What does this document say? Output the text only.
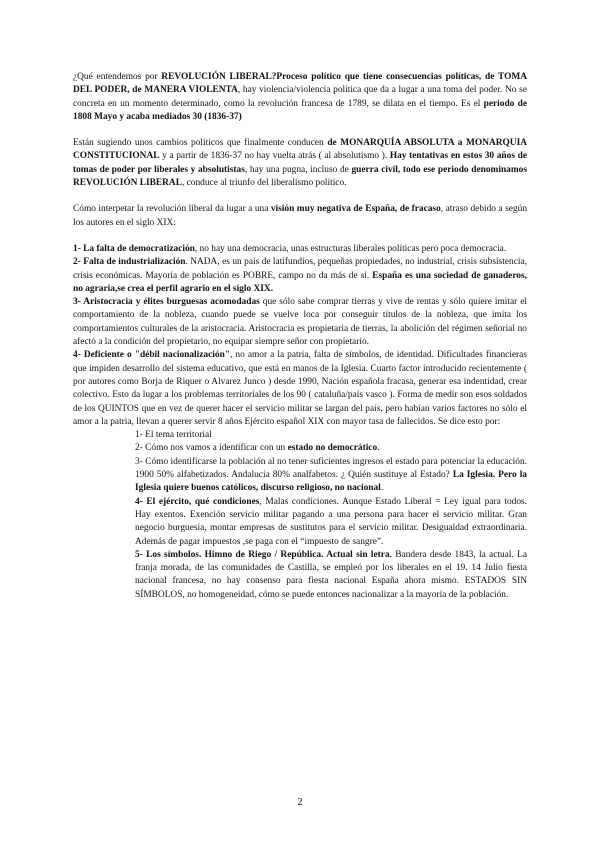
¿Qué entendemos por REVOLUCIÓN LIBERAL?Proceso político que tiene consecuencias políticas, de TOMA DEL PODER, de MANERA VIOLENTA, hay violencia/violencia política que da a lugar a una toma del poder. No se concreta en un momento determinado, como la revolución francesa de 1789, se dilata en el tiempo. Es el periodo de 1808 Mayo y acaba mediados 30 (1836-37)

Están sugiendo unos cambios políticos que finalmente conducen de MONARQUÍA ABSOLUTA a MONARQUIA CONSTITUCIONAL y a partir de 1836-37 no hay vuelta atrás ( al absolutismo ). Hay tentativas en estos 30 años de tomas de poder por liberales y absolutistas, hay una pugna, incluso de guerra civil, todo ese periodo denominamos REVOLUCIÓN LIBERAL, conduce al triunfo del liberalismo político.

Cómo interpetar la revolución liberal da lugar a una visión muy negativa de España, de fracaso, atraso debido a según los autores en el siglo XIX:

1- La falta de democratización, no hay una democracia, unas estructuras liberales políticas pero poca democracia.

2- Falta de industrialización. NADA, es un país de latifundios, pequeñas propiedades, no industrial, crisis subsistencia, crisis económicas. Mayoría de población es POBRE, campo no da más de si. España es una sociedad de ganaderos, no agraria,se crea el perfil agrario en el siglo XIX.

3- Aristocracia y élites burguesas acomodadas que sólo sabe comprar tierras y vive de rentas y sólo quiere imitar el comportamiento de la nobleza, cuando puede se vuelve loca por conseguir títulos de la nobleza, que imita los comportamientos culturales de la aristocracia. Aristocracia es propietaria de tierras, la abolición del régimen señorial no afectó a la condición del propietario, no equipar siempre señor con propietario.

4- Deficiente o "débil nacionalización", no amor a la patria, falta de símbolos, de identidad. Dificultades financieras que impiden desarrollo del sistema educativo, que está en manos de la Iglesia. Cuarto factor introducido recientemente ( por autores como Borja de Riquer o Alvarez Junco ) desde 1990, Nación española fracasa, generar esa indentidad, crear colectivo. Esto da lugar a los problemas territoriales de los 90 ( cataluña/país vasco ). Forma de medir son esos soldados de los QUINTOS que en vez de querer hacer el servicio militar se largan del país, pero habían varios factores no sólo el amor a la patria, llevan a querer servir 8 años Ejército español XIX con mayor tasa de fallecidos. Se dice esto por:

1- El tema territorial

2- Cómo nos vamos a identificar con un estado no democrático.

3- Cómo identificarse la población al no tener suficientes ingresos el estado para potenciar la educación. 1900 50% alfabetizados. Andalucía 80% analfabetos. ¿ Quién sustituye al Estado? La Iglesia. Pero la Iglesia quiere buenos católicos, discurso religioso, no nacional.

4- El ejército, qué condiciones, Malas condiciones. Aunque Estado Liberal = Ley igual para todos. Hay exentos. Exención servicio militar pagando a una persona para hacer el servicio militar. Gran negocio burguesía, montar empresas de sustitutos para el servicio militar. Desigualdad extraordinaria. Además de pagar impuestos ,se paga con el “impuesto de sangre”.

5- Los símbolos. Himno de Riego / República. Actual sin letra. Bandera desde 1843, la actual. La franja morada, de las comunidades de Castilla, se empleó por los liberales en el 19. 14 Julio fiesta nacional francesa, no hay consenso para fiesta nacional España ahora mismo. ESTADOS SIN SÍMBOLOS, no homogeneidad, cómo se puede entonces nacionalizar a la mayoría de la población.

2
